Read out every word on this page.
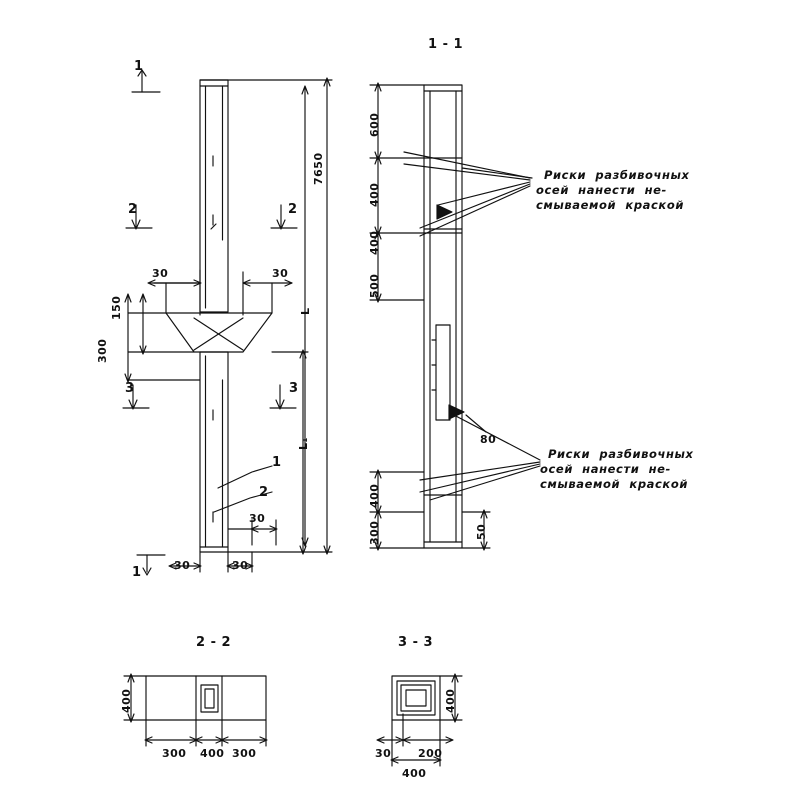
1 - 1
2 - 2	3 - 3
Риски  разбивочных
осей  нанести  не-
смываемой  краской
Риски  разбивочных
осей  нанести  не-
смываемой  краской
1
2	2
3	3
1
1
2
7650
L
L₁
30	30
150
300
30
30	30
600
400
400
500
400
300
80
50
400
300 400 300
400
30 200
400
